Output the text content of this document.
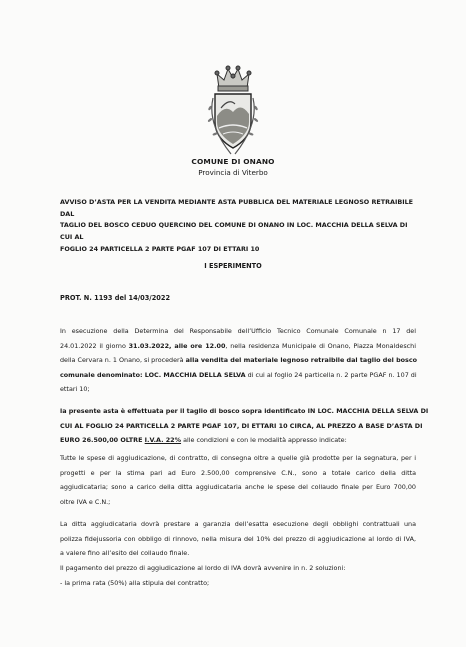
COMUNE DI ONANO
Provincia di Viterbo
AVVISO D’ASTA PER LA VENDITA MEDIANTE ASTA PUBBLICA DEL MATERIALE LEGNOSO RETRAIBILE DAL
TAGLIO DEL BOSCO CEDUO QUERCINO DEL COMUNE DI ONANO IN LOC. MACCHIA DELLA SELVA DI CUI AL
FOGLIO 24 PARTICELLA 2 PARTE PGAF 107 DI ETTARI 10
I ESPERIMENTO
PROT. N. 1193 del 14/03/2022
In esecuzione della Determina del Responsabile dell’Ufficio Tecnico Comunale Comunale n 17 del
24.01.2022 il giorno 31.03.2022, alle ore 12.00, nella residenza Municipale di Onano, Piazza Monaldeschi
della Cervara n. 1 Onano, si procederà alla vendita del materiale legnoso retraibile dal taglio del bosco
comunale denominato: LOC. MACCHIA DELLA SELVA di cui al foglio 24 particella n. 2 parte PGAF n. 107 di
ettari 10;
la presente asta è effettuata per il taglio di bosco sopra identificato IN LOC. MACCHIA DELLA SELVA DI
CUI AL FOGLIO 24 PARTICELLA 2 PARTE PGAF 107, DI ETTARI 10 CIRCA, AL PREZZO A BASE D’ASTA DI
EURO 26.500,00 OLTRE I.V.A. 22% alle condizioni e con le modalità appresso indicate:
Tutte le spese di aggiudicazione, di contratto, di consegna oltre a quelle già prodotte per la segnatura, per i
progetti e per la stima pari ad Euro 2.500,00 comprensive C.N., sono a totale carico della ditta
aggiudicataria; sono a carico della ditta aggiudicataria anche le spese del collaudo finale per Euro 700,00
oltre IVA e C.N.;
La ditta aggiudicataria dovrà prestare a garanzia dell’esatta esecuzione degli obblighi contrattuali una
polizza fidejussoria con obbligo di rinnovo, nella misura del 10% del prezzo di aggiudicazione al lordo di IVA,
a valere fino all’esito del collaudo finale.
Il pagamento del prezzo di aggiudicazione al lordo di IVA dovrà avvenire in n. 2 soluzioni:
- la prima rata (50%) alla stipula del contratto;
